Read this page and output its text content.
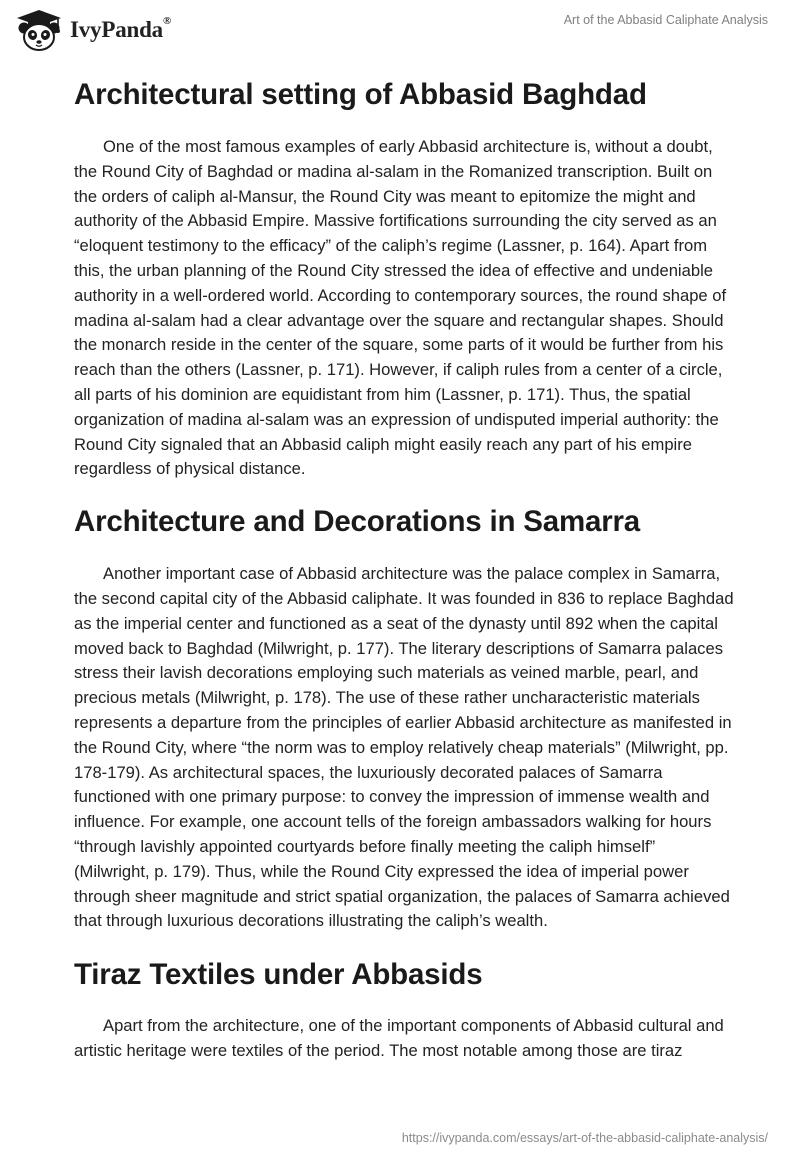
IvyPanda®	Art of the Abbasid Caliphate Analysis
Architectural setting of Abbasid Baghdad

One of the most famous examples of early Abbasid architecture is, without a doubt, the Round City of Baghdad or madina al-salam in the Romanized transcription. Built on the orders of caliph al-Mansur, the Round City was meant to epitomize the might and authority of the Abbasid Empire. Massive fortifications surrounding the city served as an “eloquent testimony to the efficacy” of the caliph’s regime (Lassner, p. 164). Apart from this, the urban planning of the Round City stressed the idea of effective and undeniable authority in a well-ordered world. According to contemporary sources, the round shape of madina al-salam had a clear advantage over the square and rectangular shapes. Should the monarch reside in the center of the square, some parts of it would be further from his reach than the others (Lassner, p. 171). However, if caliph rules from a center of a circle, all parts of his dominion are equidistant from him (Lassner, p. 171). Thus, the spatial organization of madina al-salam was an expression of undisputed imperial authority: the Round City signaled that an Abbasid caliph might easily reach any part of his empire regardless of physical distance.

Architecture and Decorations in Samarra

Another important case of Abbasid architecture was the palace complex in Samarra, the second capital city of the Abbasid caliphate. It was founded in 836 to replace Baghdad as the imperial center and functioned as a seat of the dynasty until 892 when the capital moved back to Baghdad (Milwright, p. 177). The literary descriptions of Samarra palaces stress their lavish decorations employing such materials as veined marble, pearl, and precious metals (Milwright, p. 178). The use of these rather uncharacteristic materials represents a departure from the principles of earlier Abbasid architecture as manifested in the Round City, where “the norm was to employ relatively cheap materials” (Milwright, pp. 178-179). As architectural spaces, the luxuriously decorated palaces of Samarra functioned with one primary purpose: to convey the impression of immense wealth and influence. For example, one account tells of the foreign ambassadors walking for hours “through lavishly appointed courtyards before finally meeting the caliph himself” (Milwright, p. 179). Thus, while the Round City expressed the idea of imperial power through sheer magnitude and strict spatial organization, the palaces of Samarra achieved that through luxurious decorations illustrating the caliph’s wealth.

Tiraz Textiles under Abbasids

Apart from the architecture, one of the important components of Abbasid cultural and artistic heritage were textiles of the period. The most notable among those are tiraz

https://ivypanda.com/essays/art-of-the-abbasid-caliphate-analysis/
